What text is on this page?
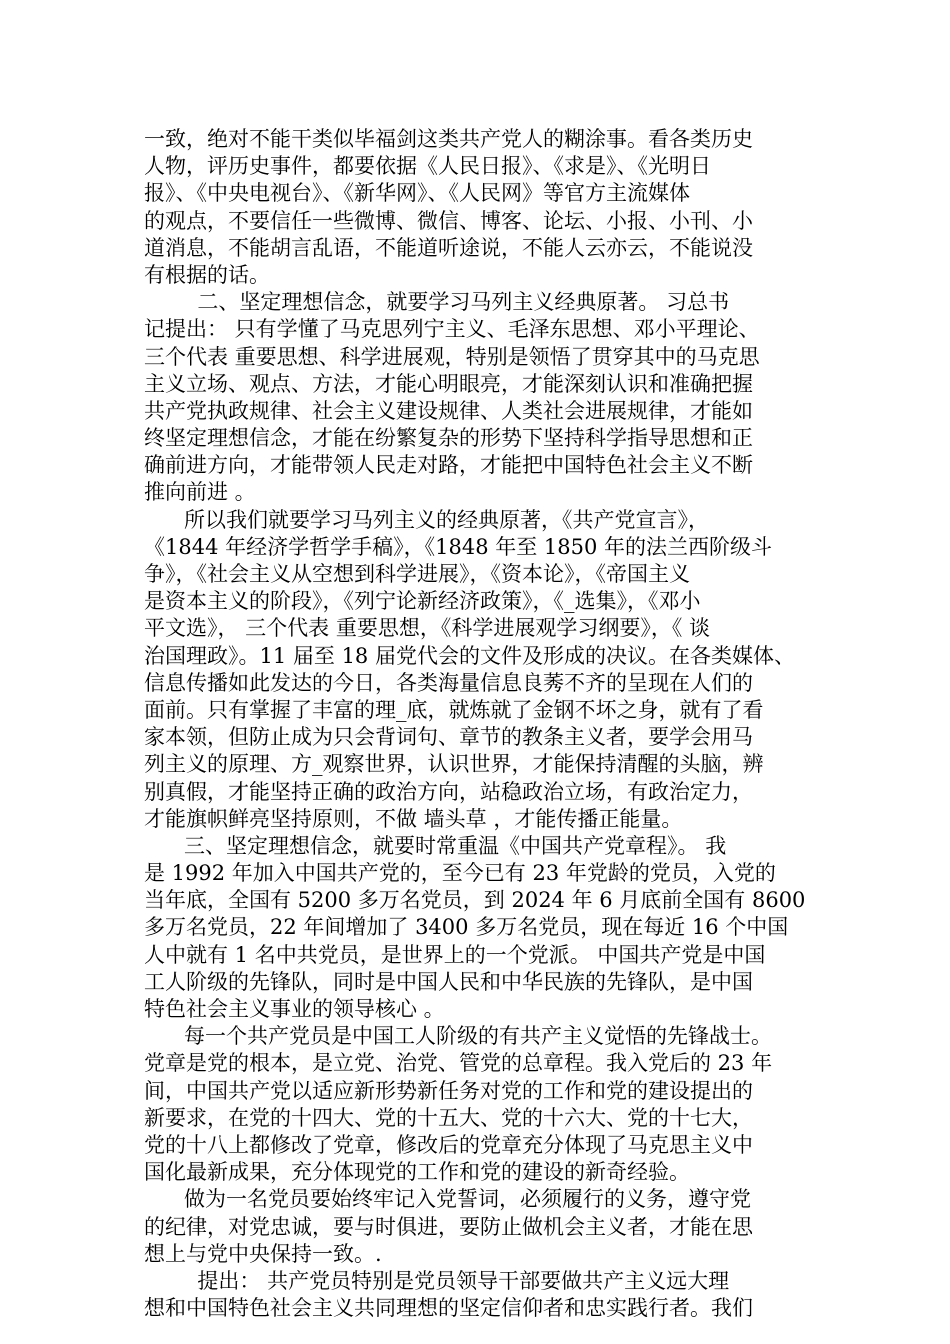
一致，绝对不能干类似毕福剑这类共产党人的糊涂事。看各类历史
人物，评历史事件，都要依据《人民日报》、《求是》、《光明日
报》、《中央电视台》、《新华网》、《人民网》等官方主流媒体
的观点，不要信任一些微博、微信、博客、论坛、小报、小刊、小
道消息，不能胡言乱语，不能道听途说，不能人云亦云，不能说没
有根据的话。
二、坚定理想信念，就要学习马列主义经典原著。 习总书
记提出： 只有学懂了马克思列宁主义、毛泽东思想、邓小平理论、
三个代表 重要思想、科学进展观，特别是领悟了贯穿其中的马克思
主义立场、观点、方法，才能心明眼亮，才能深刻认识和准确把握
共产党执政规律、社会主义建设规律、人类社会进展规律，才能如
终坚定理想信念，才能在纷繁复杂的形势下坚持科学指导思想和正
确前进方向，才能带领人民走对路，才能把中国特色社会主义不断
推向前进 。
所以我们就要学习马列主义的经典原著，《共产党宣言》，
《1844 年经济学哲学手稿》，《1848 年至 1850 年的法兰西阶级斗
争》，《社会主义从空想到科学进展》，《资本论》，《帝国主义
是资本主义的阶段》，《列宁论新经济政策》，《_选集》，《邓小
平文选》， 三个代表 重要思想，《科学进展观学习纲要》，《 谈
治国理政》。11 届至 18 届党代会的文件及形成的决议。在各类媒体、
信息传播如此发达的今日，各类海量信息良莠不齐的呈现在人们的
面前。只有掌握了丰富的理_底，就炼就了金钢不坏之身，就有了看
家本领，但防止成为只会背词句、章节的教条主义者，要学会用马
列主义的原理、方_观察世界，认识世界，才能保持清醒的头脑，辨
别真假，才能坚持正确的政治方向，站稳政治立场，有政治定力，
才能旗帜鲜亮坚持原则，不做 墙头草 ，才能传播正能量。
三、坚定理想信念，就要时常重温《中国共产党章程》。 我
是 1992 年加入中国共产党的，至今已有 23 年党龄的党员，入党的
当年底，全国有 5200 多万名党员，到 2024 年 6 月底前全国有 8600
多万名党员，22 年间增加了 3400 多万名党员，现在每近 16 个中国
人中就有 1 名中共党员，是世界上的一个党派。 中国共产党是中国
工人阶级的先锋队，同时是中国人民和中华民族的先锋队，是中国
特色社会主义事业的领导核心 。
每一个共产党员是中国工人阶级的有共产主义觉悟的先锋战士。
党章是党的根本，是立党、治党、管党的总章程。我入党后的 23 年
间，中国共产党以适应新形势新任务对党的工作和党的建设提出的
新要求，在党的十四大、党的十五大、党的十六大、党的十七大，
党的十八上都修改了党章，修改后的党章充分体现了马克思主义中
国化最新成果，充分体现党的工作和党的建设的新奇经验。
做为一名党员要始终牢记入党誓词，必须履行的义务，遵守党
的纪律，对党忠诚，要与时俱进，要防止做机会主义者，才能在思
想上与党中央保持一致。.
提出： 共产党员特别是党员领导干部要做共产主义远大理
想和中国特色社会主义共同理想的坚定信仰者和忠实践行者。我们
